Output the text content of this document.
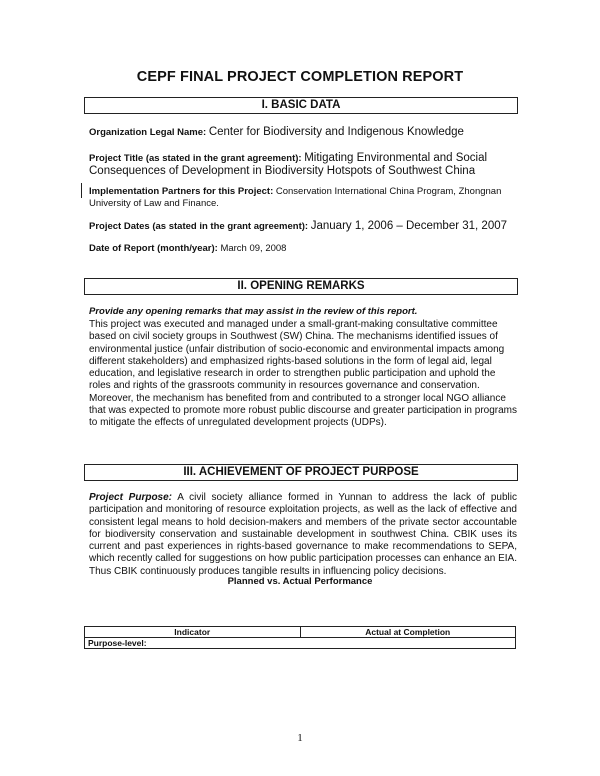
CEPF FINAL PROJECT COMPLETION REPORT
I. BASIC DATA
Organization Legal Name: Center for Biodiversity and Indigenous Knowledge
Project Title (as stated in the grant agreement): Mitigating Environmental and Social Consequences of Development in Biodiversity Hotspots of Southwest China
Implementation Partners for this Project: Conservation International China Program, Zhongnan University of Law and Finance.
Project Dates (as stated in the grant agreement): January 1, 2006 – December 31, 2007
Date of Report (month/year): March 09, 2008
II. OPENING REMARKS
Provide any opening remarks that may assist in the review of this report.
This project was executed and managed under a small-grant-making consultative committee based on civil society groups in Southwest (SW) China. The mechanisms identified issues of environmental justice (unfair distribution of socio-economic and environmental impacts among different stakeholders) and emphasized rights-based solutions in the form of legal aid, legal education, and legislative research in order to strengthen public participation and uphold the roles and rights of the grassroots community in resources governance and conservation. Moreover, the mechanism has benefited from and contributed to a stronger local NGO alliance that was expected to promote more robust public discourse and greater participation in programs to mitigate the effects of unregulated development projects (UDPs).
III. ACHIEVEMENT OF PROJECT PURPOSE
Project Purpose: A civil society alliance formed in Yunnan to address the lack of public participation and monitoring of resource exploitation projects, as well as the lack of effective and consistent legal means to hold decision-makers and members of the private sector accountable for biodiversity conservation and sustainable development in southwest China. CBIK uses its current and past experiences in rights-based governance to make recommendations to SEPA, which recently called for suggestions on how public participation processes can enhance an EIA. Thus CBIK continuously produces tangible results in influencing policy decisions.
Planned vs. Actual Performance
Indicator	Actual at Completion
Purpose-level:
1
